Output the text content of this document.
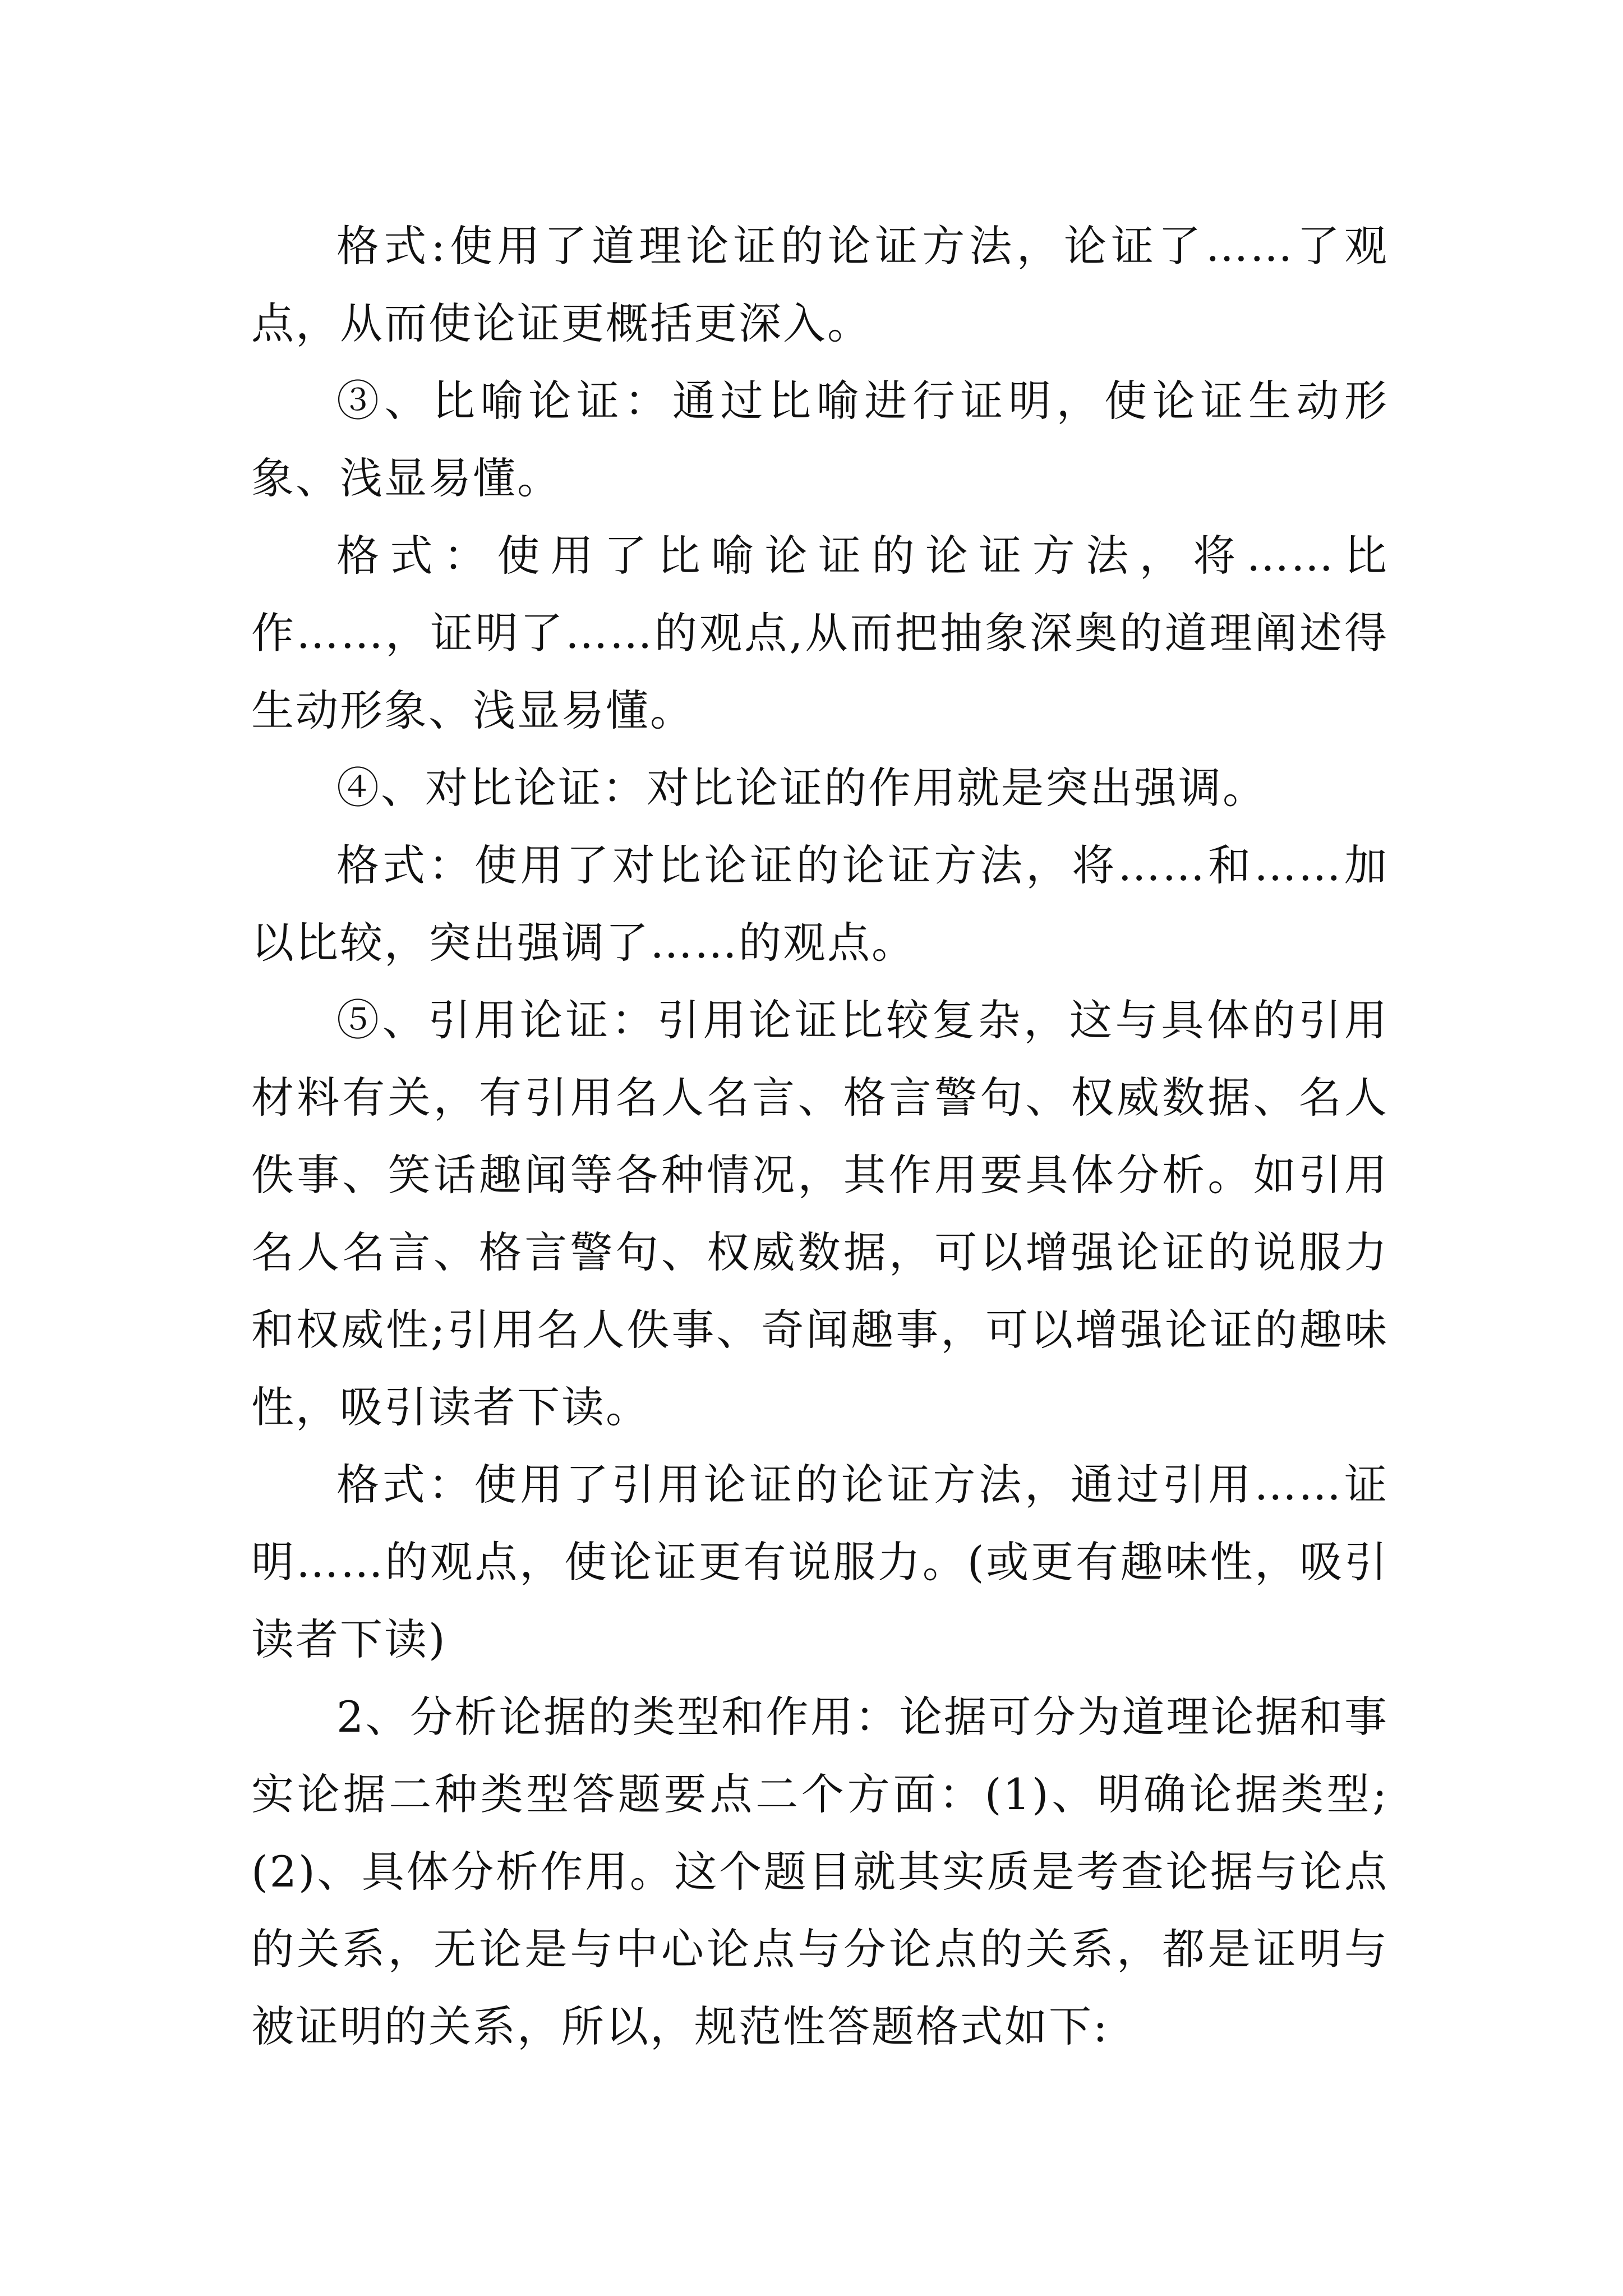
格式:使用了道理论证的论证方法，论证了……了观点，从而使论证更概括更深入。

③、比喻论证：通过比喻进行证明，使论证生动形象、浅显易懂。

格式：使用了比喻论证的论证方法，将……比作……，证明了……的观点,从而把抽象深奥的道理阐述得生动形象、浅显易懂。

④、对比论证：对比论证的作用就是突出强调。

格式：使用了对比论证的论证方法，将……和……加以比较，突出强调了……的观点。

⑤、引用论证：引用论证比较复杂，这与具体的引用材料有关，有引用名人名言、格言警句、权威数据、名人佚事、笑话趣闻等各种情况，其作用要具体分析。如引用名人名言、格言警句、权威数据，可以增强论证的说服力和权威性;引用名人佚事、奇闻趣事，可以增强论证的趣味性，吸引读者下读。

格式：使用了引用论证的论证方法，通过引用……证明……的观点，使论证更有说服力。(或更有趣味性，吸引读者下读)

2、分析论据的类型和作用：论据可分为道理论据和事实论据二种类型答题要点二个方面：(1)、明确论据类型;(2)、具体分析作用。这个题目就其实质是考查论据与论点的关系，无论是与中心论点与分论点的关系，都是证明与被证明的关系，所以，规范性答题格式如下:
